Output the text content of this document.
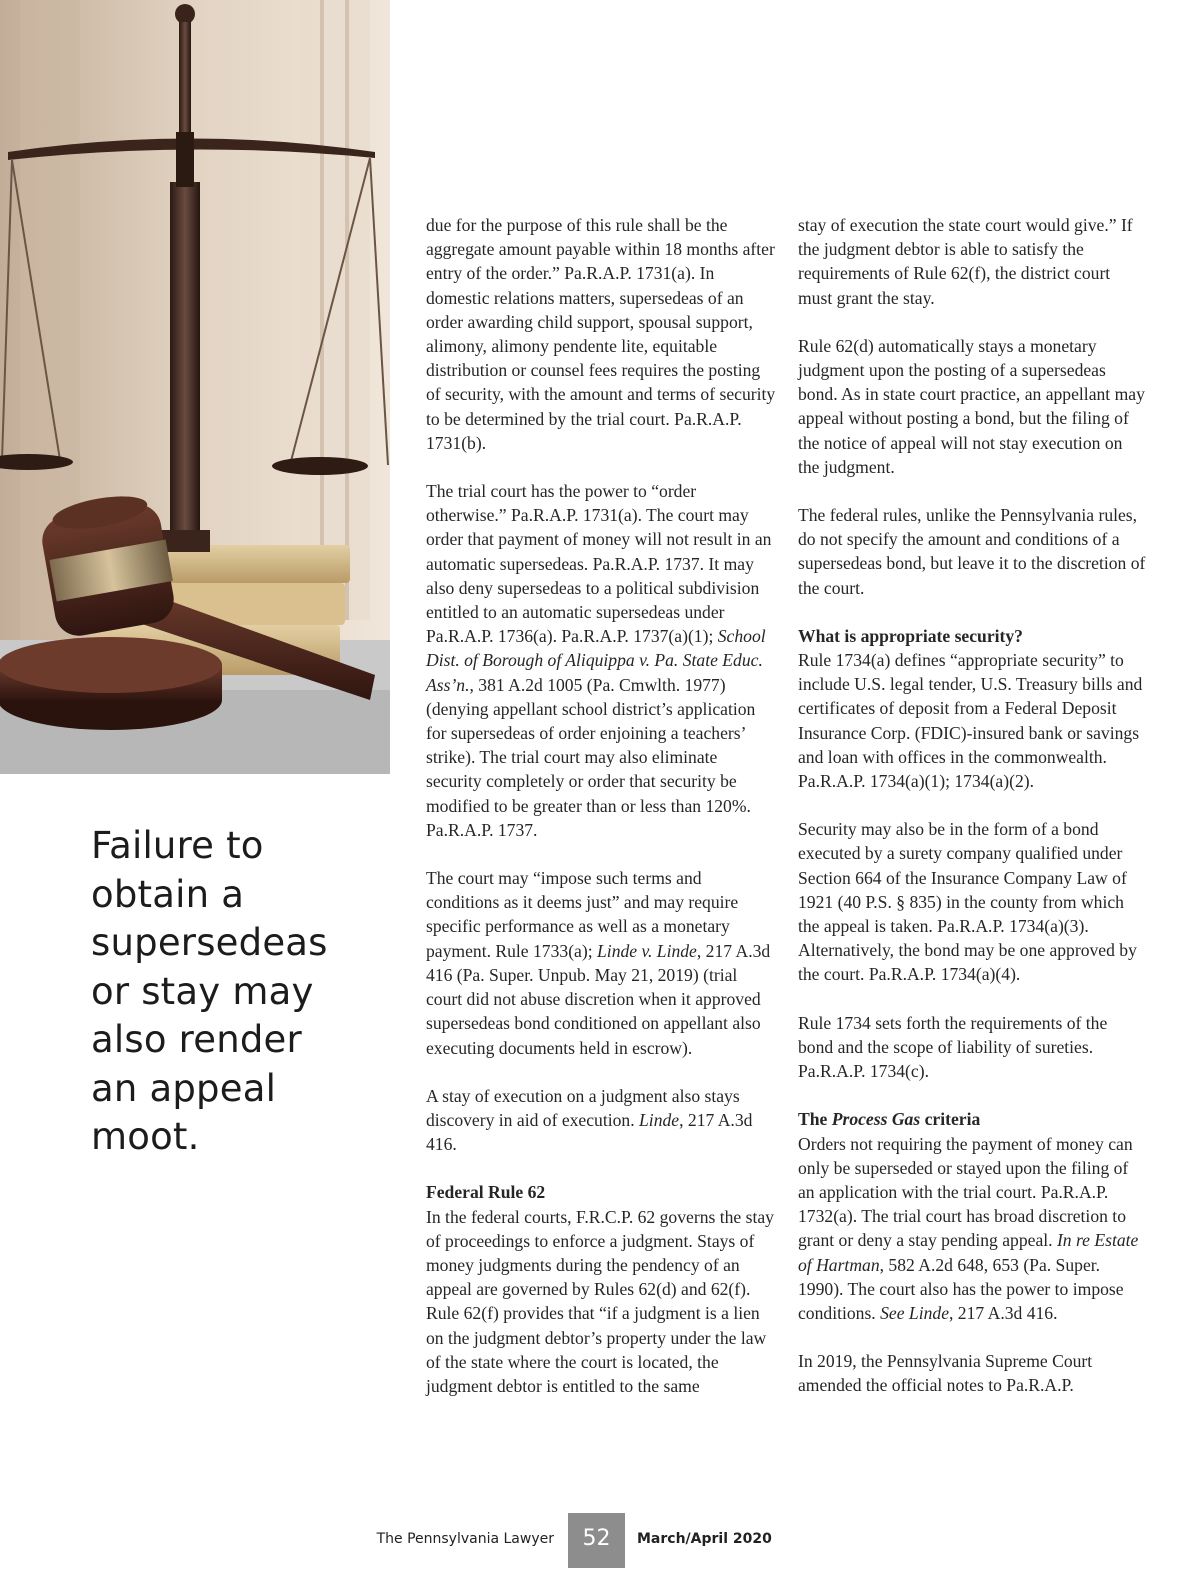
Failure to obtain a supersedeas or stay may also render an appeal moot.

due for the purpose of this rule shall be the aggregate amount payable within 18 months after entry of the order.” Pa.R.A.P. 1731(a). In domestic relations matters, supersedeas of an order awarding child support, spousal support, alimony, alimony pendente lite, equitable distribution or counsel fees requires the posting of security, with the amount and terms of security to be determined by the trial court. Pa.R.A.P. 1731(b).

The trial court has the power to “order otherwise.” Pa.R.A.P. 1731(a). The court may order that payment of money will not result in an automatic supersedeas. Pa.R.A.P. 1737. It may also deny supersedeas to a political subdivision entitled to an automatic supersedeas under Pa.R.A.P. 1736(a). Pa.R.A.P. 1737(a)(1); School Dist. of Borough of Aliquippa v. Pa. State Educ. Ass’n., 381 A.2d 1005 (Pa. Cmwlth. 1977) (denying appellant school district’s application for supersedeas of order enjoining a teachers’ strike). The trial court may also eliminate security completely or order that security be modified to be greater than or less than 120%. Pa.R.A.P. 1737.

The court may “impose such terms and conditions as it deems just” and may require specific performance as well as a monetary payment. Rule 1733(a); Linde v. Linde, 217 A.3d 416 (Pa. Super. Unpub. May 21, 2019) (trial court did not abuse discretion when it approved supersedeas bond conditioned on appellant also executing documents held in escrow).

A stay of execution on a judgment also stays discovery in aid of execution. Linde, 217 A.3d 416.

Federal Rule 62
In the federal courts, F.R.C.P. 62 governs the stay of proceedings to enforce a judgment. Stays of money judgments during the pendency of an appeal are governed by Rules 62(d) and 62(f). Rule 62(f) provides that “if a judgment is a lien on the judgment debtor’s property under the law of the state where the court is located, the judgment debtor is entitled to the same

stay of execution the state court would give.” If the judgment debtor is able to satisfy the requirements of Rule 62(f), the district court must grant the stay.

Rule 62(d) automatically stays a monetary judgment upon the posting of a supersedeas bond. As in state court practice, an appellant may appeal without posting a bond, but the filing of the notice of appeal will not stay execution on the judgment.

The federal rules, unlike the Pennsylvania rules, do not specify the amount and conditions of a supersedeas bond, but leave it to the discretion of the court.

What is appropriate security?
Rule 1734(a) defines “appropriate security” to include U.S. legal tender, U.S. Treasury bills and certificates of deposit from a Federal Deposit Insurance Corp. (FDIC)-insured bank or savings and loan with offices in the commonwealth. Pa.R.A.P. 1734(a)(1); 1734(a)(2).

Security may also be in the form of a bond executed by a surety company qualified under Section 664 of the Insurance Company Law of 1921 (40 P.S. § 835) in the county from which the appeal is taken. Pa.R.A.P. 1734(a)(3). Alternatively, the bond may be one approved by the court. Pa.R.A.P. 1734(a)(4).

Rule 1734 sets forth the requirements of the bond and the scope of liability of sureties. Pa.R.A.P. 1734(c).

The Process Gas criteria
Orders not requiring the payment of money can only be superseded or stayed upon the filing of an application with the trial court. Pa.R.A.P. 1732(a). The trial court has broad discretion to grant or deny a stay pending appeal. In re Estate of Hartman, 582 A.2d 648, 653 (Pa. Super. 1990). The court also has the power to impose conditions. See Linde, 217 A.3d 416.

In 2019, the Pennsylvania Supreme Court amended the official notes to Pa.R.A.P.

The Pennsylvania Lawyer	52	March/April 2020
